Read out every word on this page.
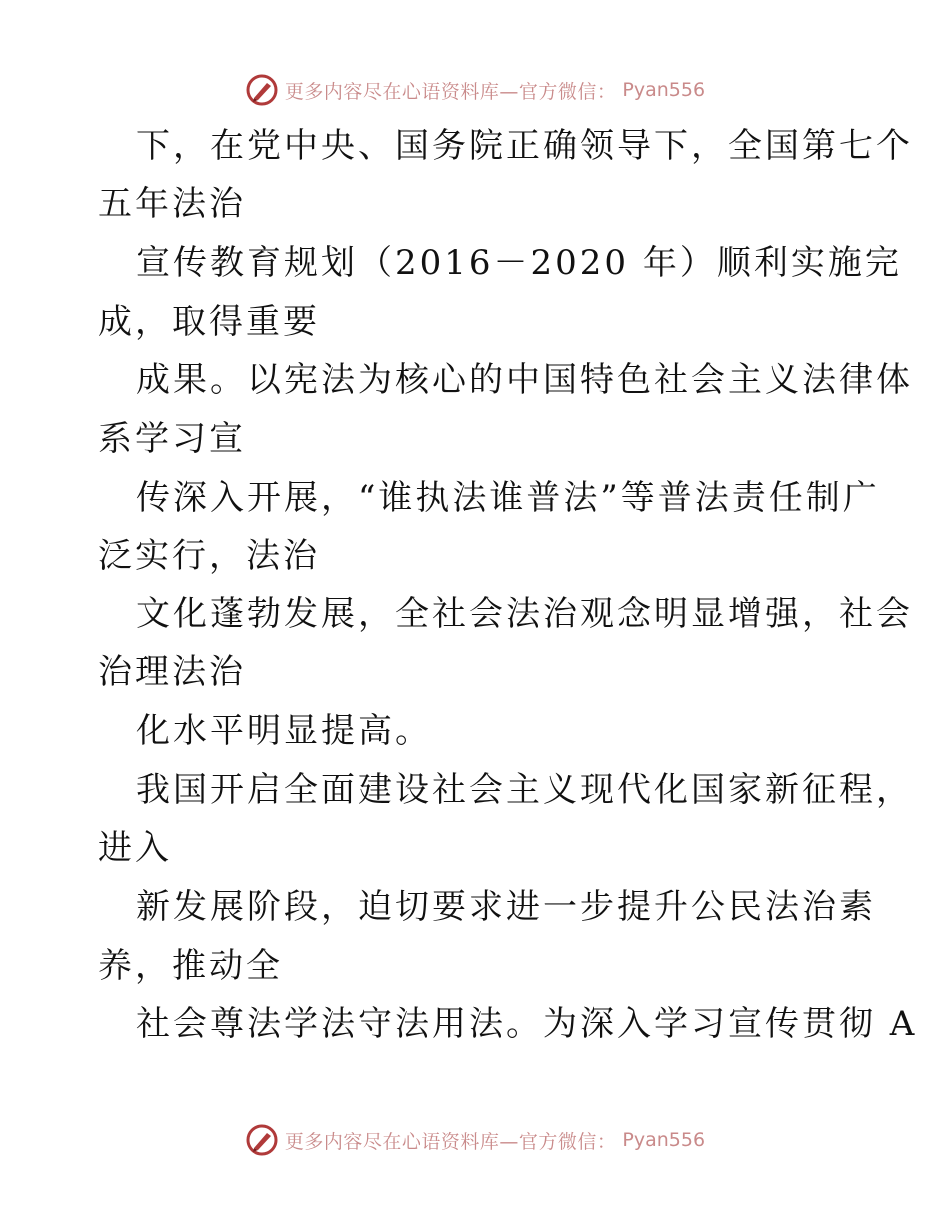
更多内容尽在心语资料库—官方微信： Pyan556
下，在党中央、国务院正确领导下，全国第七个
五年法治
宣传教育规划（2016－2020 年）顺利实施完
成，取得重要
成果。以宪法为核心的中国特色社会主义法律体
系学习宣
传深入开展，“谁执法谁普法”等普法责任制广
泛实行，法治
文化蓬勃发展，全社会法治观念明显增强，社会
治理法治
化水平明显提高。
我国开启全面建设社会主义现代化国家新征程，
进入
新发展阶段，迫切要求进一步提升公民法治素
养，推动全
社会尊法学法守法用法。为深入学习宣传贯彻 A
更多内容尽在心语资料库—官方微信： Pyan556
